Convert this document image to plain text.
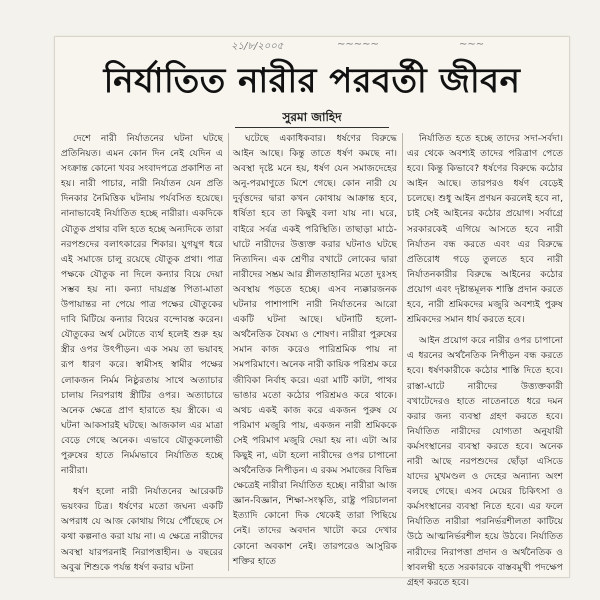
২১/৮/২০০৫	∼∼∼∼∼	∼∼∼
নির্যাতিত নারীর পরবর্তী জীবন
সুরমা জাহিদ

দেশে নারী নির্যাতনের ঘটনা ঘটছে প্রতিনিয়ত। এমন কোন দিন নেই যেদিন এ সংক্রান্ত কোনো খবর সংবাদপত্রে প্রকাশিত না হয়। নারী পাচার, নারী নির্যাতন যেন প্রতি দিনকার নৈমিত্তিক ঘটনায় পর্যবসিত হয়েছে। নানাভাবেই নির্যাতিত হচ্ছে নারীরা। একদিকে যৌতুক প্রথার বলি হতে হচ্ছে অন্যদিকে তারা নরপশুদের বলাৎকারের শিকার। যুগযুগ ধরে এই সমাজে চালু রয়েছে যৌতুক প্রথা। পাত্র পক্ষকে যৌতুক না দিলে কন্যার বিয়ে দেয়া সম্ভব হয় না। কন্যা দায়গ্রস্ত পিতা-মাতা উপায়ান্তর না পেয়ে পাত্র পক্ষের যৌতুকের দাবি মিটিয়ে কন্যার বিয়ের বন্দোবস্ত করেন। যৌতুকের অর্থ মেটাতে ব্যর্থ হলেই শুরু হয় স্ত্রীর ওপর উৎপীড়ন। এক সময় তা ভয়াবহ রূপ ধারণ করে। স্বামীসহ স্বামীর পক্ষের লোকজন নির্মম নিষ্ঠুরতায় সাথে অত্যাচার চালায় নিরপরাধ স্ত্রীটির ওপর। অত্যাচারে অনেক ক্ষেত্রে প্রাণ হারাতে হয় স্ত্রীকে। এ ঘটনা আকসারই ঘটছে। আজকাল এর মাত্রা বেড়ে গেছে অনেক। এভাবে যৌতুকলোভী পুরুষের হাতে নির্মমভাবে নির্যাতিত হচ্ছে নারীরা।

ধর্ষণ হলো নারী নির্যাতনের আরেকটি ভয়ংকর চিত্র। ধর্ষণের মতো জঘন্য একটি অপরাধ যে আজ কোথায় গিয়ে পৌঁছেছে সে কথা কল্পনাও করা যায় না। এ ক্ষেত্রে নারীদের অবস্থা যারপরনাই নিরাপত্তাহীন। ৬ বছরের অবুঝ শিশুকে পর্যন্ত ধর্ষণ করার ঘটনা

ঘটেছে একাধিকবার। ধর্ষণের বিরুদ্ধে আইন আছে। কিন্তু তাতে ধর্ষণ কমছে না। অবস্থা দৃষ্টে মনে হয়, ধর্ষণ যেন সমাজদেহের অনু-পরমাণুতে মিশে গেছে। কোন নারী যে দুর্বৃত্তদের দ্বারা কখন কোথায় আক্রান্ত হবে, ধর্ষিতা হবে তা কিছুই বলা যায় না। ঘরে, বাইরে সর্বত্র একই পরিস্থিতি। তাছাড়া মাঠে-ঘাটে নারীদের উত্ত্যক্ত করার ঘটনাও ঘটছে নিত্যদিন। এক শ্রেণীর বখাটে লোকের দ্বারা নারীদের সম্ভ্রম আর শ্লীলতাহানির মতো দুঃসহ অবস্থায় পড়তে হচ্ছে। এসব ন্যক্কারজনক ঘটনার পাশাপাশি নারী নির্যাতনের আরো একটি ঘটনা আছে। ঘটনাটি হলো- অর্থনৈতিক বৈষম্য ও শোষণ। নারীরা পুরুষের সমান কাজ করেও পারিশ্রমিক পায় না সমপরিমাণে। অনেক নারী কায়িক পরিশ্রম করে জীবিকা নির্বাহ করে। এরা মাটি কাটা, পাথর ভাঙার মতো কঠোর পরিশ্রমও করে থাকে। অথচ একই কাজ করে একজন পুরুষ যে পরিমাণ মজুরি পায়, একজন নারী শ্রমিককে সেই পরিমাণ মজুরি দেয়া হয় না। এটা আর কিছুই না, এটা হলো নারীদের ওপর চাপানো অর্থনৈতিক নিপীড়ন। এ রকম সমাজের বিভিন্ন ক্ষেত্রেই নারীরা নির্যাতিত হচ্ছে। নারীরা আজ জ্ঞান-বিজ্ঞান, শিক্ষা-সংস্কৃতি, রাষ্ট্র পরিচালনা ইত্যাদি কোনো দিক থেকেই তারা পিছিয়ে নেই। তাদের অবদান খাটো করে দেখার কোনো অবকাশ নেই। তারপরেও আসুরিক শক্তির হাতে

নির্যাতিত হতে হচ্ছে তাদের সদা-সর্বদা। এর থেকে অবশ্যই তাদের পরিত্রাণ পেতে হবে। কিন্তু কিভাবে? ধর্ষণের বিরুদ্ধে কঠোর আইন আছে। তারপরও ধর্ষণ বেড়েই চলেছে। শুধু আইন প্রণয়ন করলেই হবে না, চাই সেই আইনের কঠোর প্রয়োগ। সর্বাগ্রে সরকারকেই এগিয়ে আসতে হবে নারী নির্যাতন বন্ধ করতে এবং এর বিরুদ্ধে প্রতিরোধ গড়ে তুলতে হবে নারী নির্যাতনকারীর বিরুদ্ধে আইনের কঠোর প্রয়োগ এবং দৃষ্টান্তমূলক শাস্তি প্রদান করতে হবে, নারী শ্রমিকদের মজুরি অবশ্যই পুরুষ শ্রমিকদের সমান ধার্য করতে হবে।

আইন প্রয়োগ করে নারীর ওপর চাপানো এ ধরনের অর্থনৈতিক নিপীড়ন বন্ধ করতে হবে। ধর্ষণকারীকে কঠোর শাস্তি দিতে হবে। রাস্তা-ঘাটে নারীদের উত্ত্যক্তকারী বখাটেদেরও হাতে নাতেনাতে ধরে দমন করার জন্য ব্যবস্থা গ্রহণ করতে হবে। নির্যাতিত নারীদের যোগ্যতা অনুযায়ী কর্মসংস্থানের ব্যবস্থা করতে হবে। অনেক নারী আছে নরপশুদের ছোঁড়া এসিডে যাদের মুখমণ্ডল ও দেহের অন্যান্য অংশ বলছে গেছে। এসব মেয়ের চিকিৎসা ও কর্মসংস্থানের ব্যবস্থা নিতে হবে। এর ফলে নির্যাতিত নারীরা পরনির্ভরশীলতা কাটিয়ে উঠে আত্মনির্ভরশীল হয়ে উঠবে। নির্যাতিত নারীদের নিরাপত্তা প্রদান ও অর্থনৈতিক ও স্বাবলম্বী হতে সরকারকে বাস্তবমুখী পদক্ষেপ গ্রহণ করতে হবে।
